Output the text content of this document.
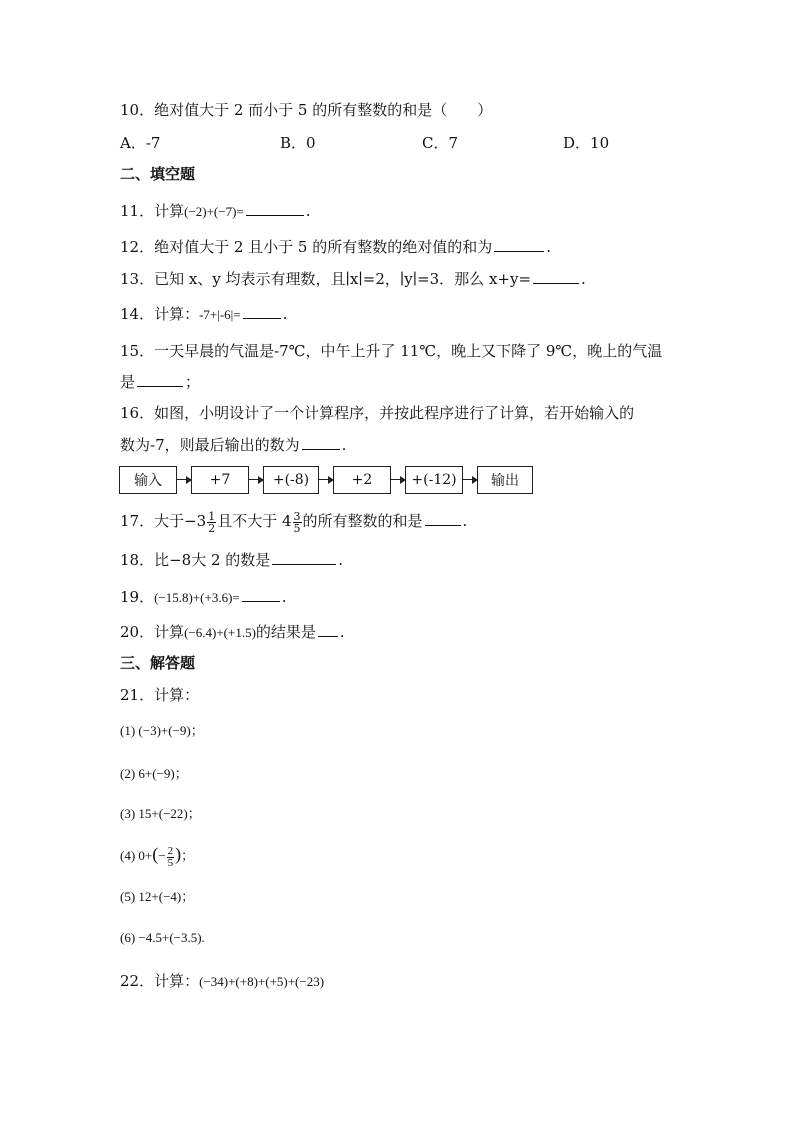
10．绝对值大于 2 而小于 5 的所有整数的和是（　　）
A．-7	B．0	C．7	D．10
二、填空题
11．计算(−2)+(−7)=	.
12．绝对值大于 2 且小于 5 的所有整数的绝对值的和为	.
13．已知 x、y 均表示有理数，且∣x∣=2，∣y∣=3．那么 x+y=	.
14．计算：-7+|-6|=	.
15．一天早晨的气温是-7℃，中午上升了 11℃，晚上又下降了 9℃，晚上的气温
是	；
16．如图，小明设计了一个计算程序，并按此程序进行了计算，若开始输入的
数为-7，则最后输出的数为	.
输入	+7	+(-8)	+2	+(-12)	输出
17．大于$-3 \frac{1}{2}$ 且不大于 $4 \frac{3}{5}$ 的所有整数的和是	.
18．比−8大 2 的数是	.
19．(−15.8)+(+3.6)=	.
20．计算(−6.4)+(+1.5)的结果是 .
三、解答题
21．计算：
(1) (−3)+(−9)；
(2) 6+(−9)；
(3) 15+(−22)；
(4) $0+(- \frac{2}{5}$ )；
(5) 12+(−4)；
(6) −4.5+(−3.5).
22．计算：(−34)+(+8)+(+5)+(−23)
